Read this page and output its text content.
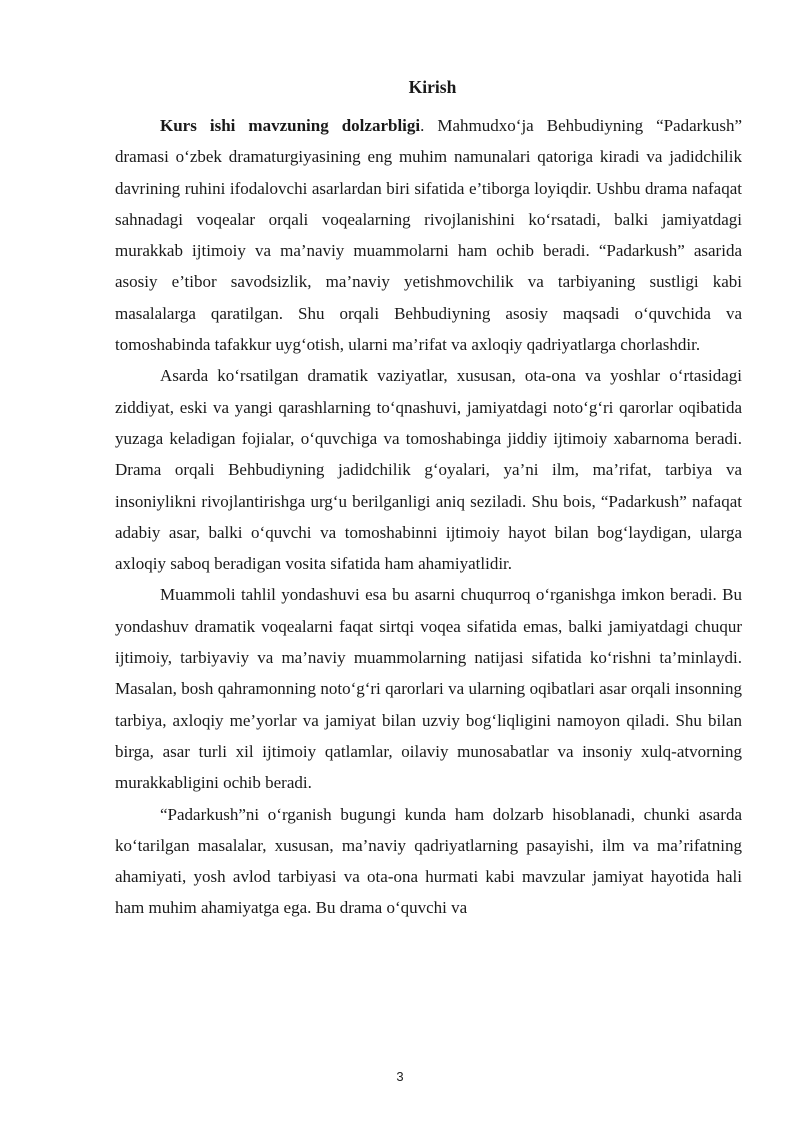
Kirish

Kurs ishi mavzuning dolzarbligi. Mahmudxo‘ja Behbudiyning “Padarkush” dramasi o‘zbek dramaturgiyasining eng muhim namunalari qatoriga kiradi va jadidchilik davrining ruhini ifodalovchi asarlardan biri sifatida e’tiborga loyiqdir. Ushbu drama nafaqat sahnadagi voqealar orqali voqealarning rivojlanishini ko‘rsatadi, balki jamiyatdagi murakkab ijtimoiy va ma’naviy muammolarni ham ochib beradi. “Padarkush” asarida asosiy e’tibor savodsizlik, ma’naviy yetishmovchilik va tarbiyaning sustligi kabi masalalarga qaratilgan. Shu orqali Behbudiyning asosiy maqsadi o‘quvchida va tomoshabinda tafakkur uyg‘otish, ularni ma’rifat va axloqiy qadriyatlarga chorlashdir.

Asarda ko‘rsatilgan dramatik vaziyatlar, xususan, ota-ona va yoshlar o‘rtasidagi ziddiyat, eski va yangi qarashlarning to‘qnashuvi, jamiyatdagi noto‘g‘ri qarorlar oqibatida yuzaga keladigan fojialar, o‘quvchiga va tomoshabinga jiddiy ijtimoiy xabarnoma beradi. Drama orqali Behbudiyning jadidchilik g‘oyalari, ya’ni ilm, ma’rifat, tarbiya va insoniylikni rivojlantirishga urg‘u berilganligi aniq seziladi. Shu bois, “Padarkush” nafaqat adabiy asar, balki o‘quvchi va tomoshabinni ijtimoiy hayot bilan bog‘laydigan, ularga axloqiy saboq beradigan vosita sifatida ham ahamiyatlidir.

Muammoli tahlil yondashuvi esa bu asarni chuqurroq o‘rganishga imkon beradi. Bu yondashuv dramatik voqealarni faqat sirtqi voqea sifatida emas, balki jamiyatdagi chuqur ijtimoiy, tarbiyaviy va ma’naviy muammolarning natijasi sifatida ko‘rishni ta’minlaydi. Masalan, bosh qahramonning noto‘g‘ri qarorlari va ularning oqibatlari asar orqali insonning tarbiya, axloqiy me’yorlar va jamiyat bilan uzviy bog‘liqligini namoyon qiladi. Shu bilan birga, asar turli xil ijtimoiy qatlamlar, oilaviy munosabatlar va insoniy xulq-atvorning murakkabligini ochib beradi.

“Padarkush”ni o‘rganish bugungi kunda ham dolzarb hisoblanadi, chunki asarda ko‘tarilgan masalalar, xususan, ma’naviy qadriyatlarning pasayishi, ilm va ma’rifatning ahamiyati, yosh avlod tarbiyasi va ota-ona hurmati kabi mavzular jamiyat hayotida hali ham muhim ahamiyatga ega. Bu drama o‘quvchi va

3
